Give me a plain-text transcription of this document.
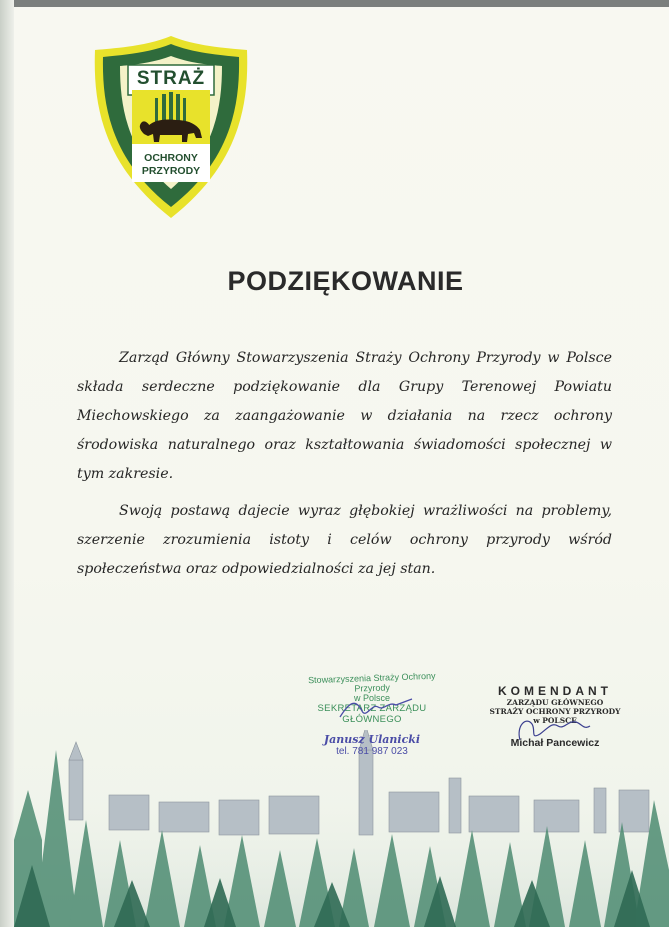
STRAŻ
OCHRONY
PRZYRODY
PODZIĘKOWANIE

Zarząd Główny Stowarzyszenia Straży Ochrony Przyrody w Polsce składa serdeczne podziękowanie dla Grupy Terenowej Powiatu Miechowskiego za zaangażowanie w działania na rzecz ochrony środowiska naturalnego oraz kształtowania świadomości społecznej w tym zakresie.

Swoją postawą dajecie wyraz głębokiej wrażliwości na problemy, szerzenie zrozumienia istoty i celów ochrony przyrody wśród społeczeństwa oraz odpowiedzialności za jej stan.

Stowarzyszenia Straży Ochrony Przyrody
w Polsce
SEKRETARZ ZARZĄDU GŁÓWNEGO
Janusz Ulanicki
tel. 781 987 023
KOMENDANT
ZARZĄDU GŁÓWNEGO
STRAŻY OCHRONY PRZYRODY
w POLSCE
Michał Pancewicz
